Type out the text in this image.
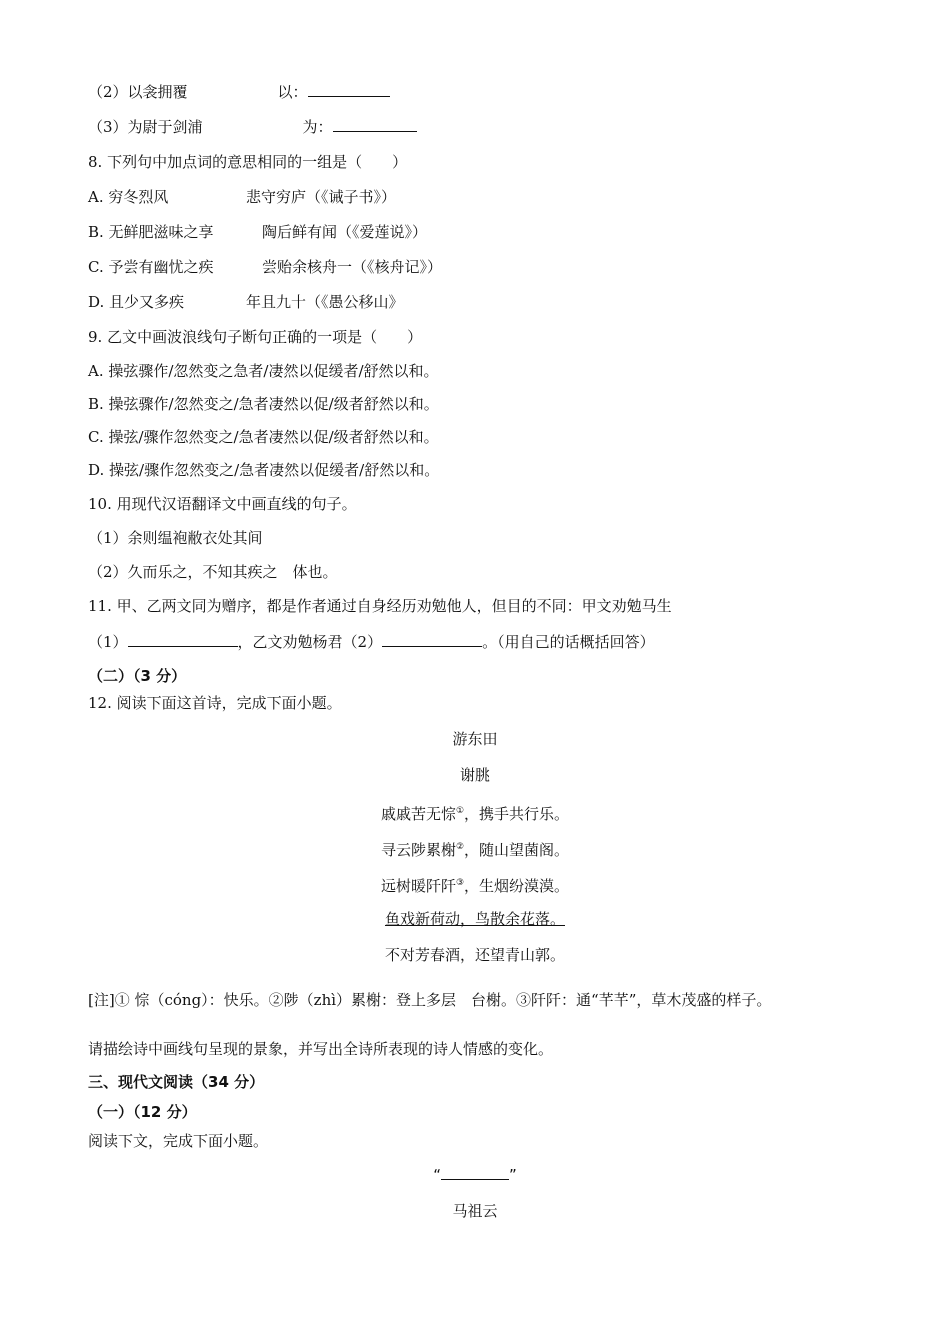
（2）以衾拥覆	以：
（3）为尉于剑浦	为：
8. 下列句中加点词的意思相同的一组是（　　）
A. 穷冬烈风	悲守穷庐（《诫子书》）
B. 无鲜肥滋味之享	陶后鲜有闻（《爱莲说》）
C. 予尝有幽忧之疾	尝贻余核舟一（《核舟记》）
D. 且少又多疾	年且九十（《愚公移山》
9. 乙文中画波浪线句子断句正确的一项是（　　）
A. 操弦骤作/忽然变之急者/凄然以促缓者/舒然以和。
B. 操弦骤作/忽然变之/急者凄然以促/级者舒然以和。
C. 操弦/骤作忽然变之/急者凄然以促/级者舒然以和。
D. 操弦/骤作忽然变之/急者凄然以促缓者/舒然以和。
10. 用现代汉语翻译文中画直线的句子。
（1）余则缊袍敝衣处其间
（2）久而乐之，不知其疾之　体也。
11. 甲、乙两文同为赠序，都是作者通过自身经历劝勉他人，但目的不同：甲文劝勉马生
（1）	，乙文劝勉杨君（2）	。（用自己的话概括回答）
（二）（3 分）
12. 阅读下面这首诗，完成下面小题。
游东田
谢朓
戚戚苦无悰①，携手共行乐。
寻云陟累榭②，随山望菌阁。
远树暖阡阡③，生烟纷漠漠。
鱼戏新荷动，鸟散余花落。
不对芳春酒，还望青山郭。
[注]① 悰（cóng）：快乐。②陟（zhì）累榭：登上多层　台榭。③阡阡：通“芊芊”，草木茂盛的样子。
请描绘诗中画线句呈现的景象，并写出全诗所表现的诗人情感的变化。
三、现代文阅读（34 分）
（一）（12 分）
阅读下文，完成下面小题。
“	”
马祖云
